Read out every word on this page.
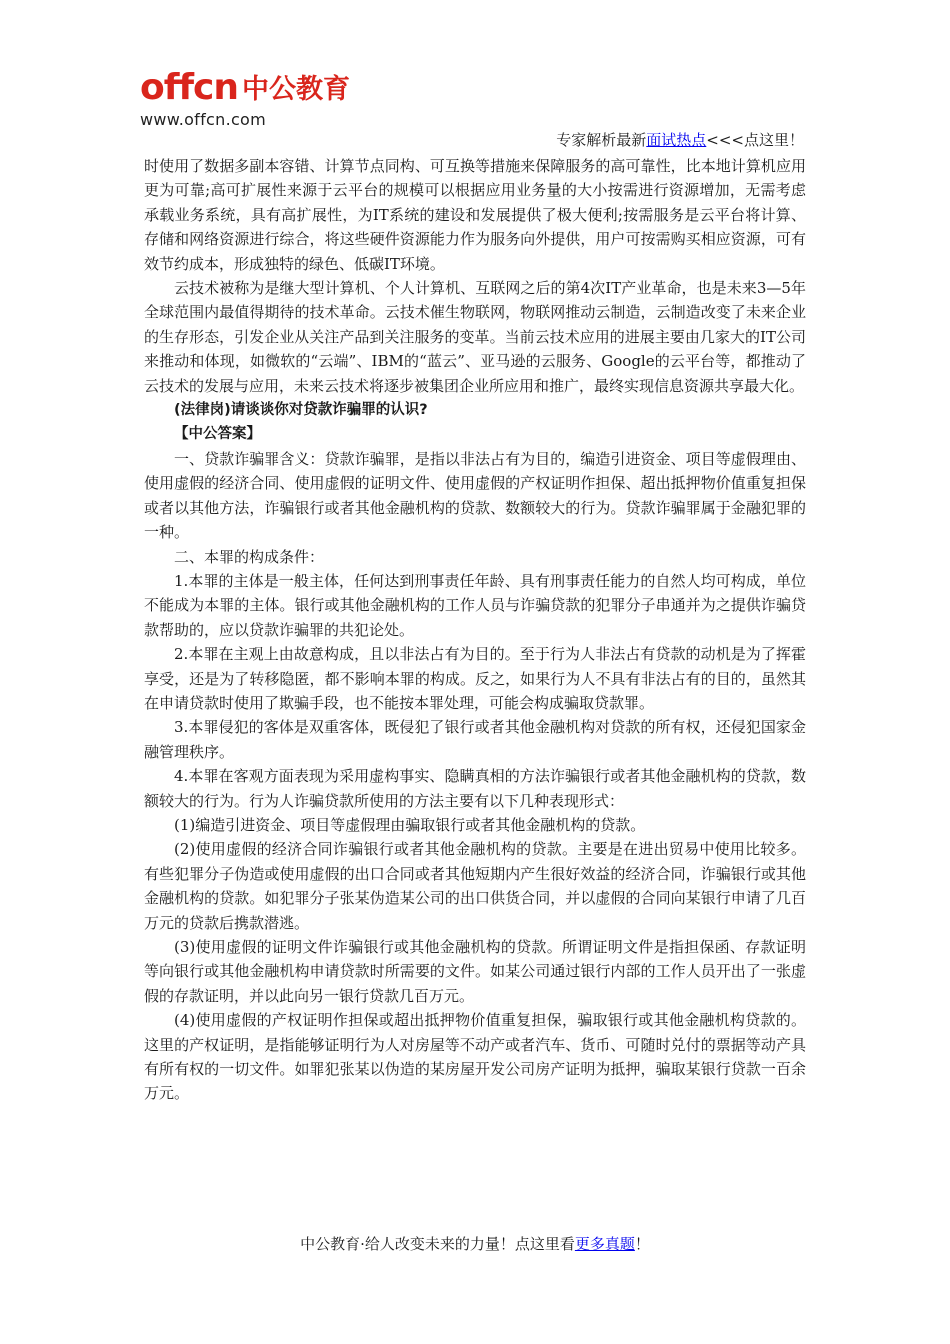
offcn 中公教育
www.offcn.com
专家解析最新面试热点<<<点这里！

时使用了数据多副本容错、计算节点同构、可互换等措施来保障服务的高可靠性，比本地计算机应用更为可靠;高可扩展性来源于云平台的规模可以根据应用业务量的大小按需进行资源增加，无需考虑承载业务系统，具有高扩展性，为IT系统的建设和发展提供了极大便利;按需服务是云平台将计算、存储和网络资源进行综合，将这些硬件资源能力作为服务向外提供，用户可按需购买相应资源，可有效节约成本，形成独特的绿色、低碳IT环境。

云技术被称为是继大型计算机、个人计算机、互联网之后的第4次IT产业革命，也是未来3—5年全球范围内最值得期待的技术革命。云技术催生物联网，物联网推动云制造，云制造改变了未来企业的生存形态，引发企业从关注产品到关注服务的变革。当前云技术应用的进展主要由几家大的IT公司来推动和体现，如微软的“云端”、IBM的“蓝云”、亚马逊的云服务、Google的云平台等，都推动了云技术的发展与应用，未来云技术将逐步被集团企业所应用和推广，最终实现信息资源共享最大化。

(法律岗)请谈谈你对贷款诈骗罪的认识?

【中公答案】

一、贷款诈骗罪含义：贷款诈骗罪，是指以非法占有为目的，编造引进资金、项目等虚假理由、使用虚假的经济合同、使用虚假的证明文件、使用虚假的产权证明作担保、超出抵押物价值重复担保或者以其他方法，诈骗银行或者其他金融机构的贷款、数额较大的行为。贷款诈骗罪属于金融犯罪的一种。

二、本罪的构成条件：

1.本罪的主体是一般主体，任何达到刑事责任年龄、具有刑事责任能力的自然人均可构成，单位不能成为本罪的主体。银行或其他金融机构的工作人员与诈骗贷款的犯罪分子串通并为之提供诈骗贷款帮助的，应以贷款诈骗罪的共犯论处。

2.本罪在主观上由故意构成，且以非法占有为目的。至于行为人非法占有贷款的动机是为了挥霍享受，还是为了转移隐匿，都不影响本罪的构成。反之，如果行为人不具有非法占有的目的，虽然其在申请贷款时使用了欺骗手段，也不能按本罪处理，可能会构成骗取贷款罪。

3.本罪侵犯的客体是双重客体，既侵犯了银行或者其他金融机构对贷款的所有权，还侵犯国家金融管理秩序。

4.本罪在客观方面表现为采用虚构事实、隐瞒真相的方法诈骗银行或者其他金融机构的贷款，数额较大的行为。行为人诈骗贷款所使用的方法主要有以下几种表现形式：

(1)编造引进资金、项目等虚假理由骗取银行或者其他金融机构的贷款。

(2)使用虚假的经济合同诈骗银行或者其他金融机构的贷款。主要是在进出贸易中使用比较多。有些犯罪分子伪造或使用虚假的出口合同或者其他短期内产生很好效益的经济合同，诈骗银行或其他金融机构的贷款。如犯罪分子张某伪造某公司的出口供货合同，并以虚假的合同向某银行申请了几百万元的贷款后携款潜逃。

(3)使用虚假的证明文件诈骗银行或其他金融机构的贷款。所谓证明文件是指担保函、存款证明等向银行或其他金融机构申请贷款时所需要的文件。如某公司通过银行内部的工作人员开出了一张虚假的存款证明，并以此向另一银行贷款几百万元。

(4)使用虚假的产权证明作担保或超出抵押物价值重复担保，骗取银行或其他金融机构贷款的。这里的产权证明，是指能够证明行为人对房屋等不动产或者汽车、货币、可随时兑付的票据等动产具有所有权的一切文件。如罪犯张某以伪造的某房屋开发公司房产证明为抵押，骗取某银行贷款一百余万元。

中公教育·给人改变未来的力量！点这里看更多真题！
